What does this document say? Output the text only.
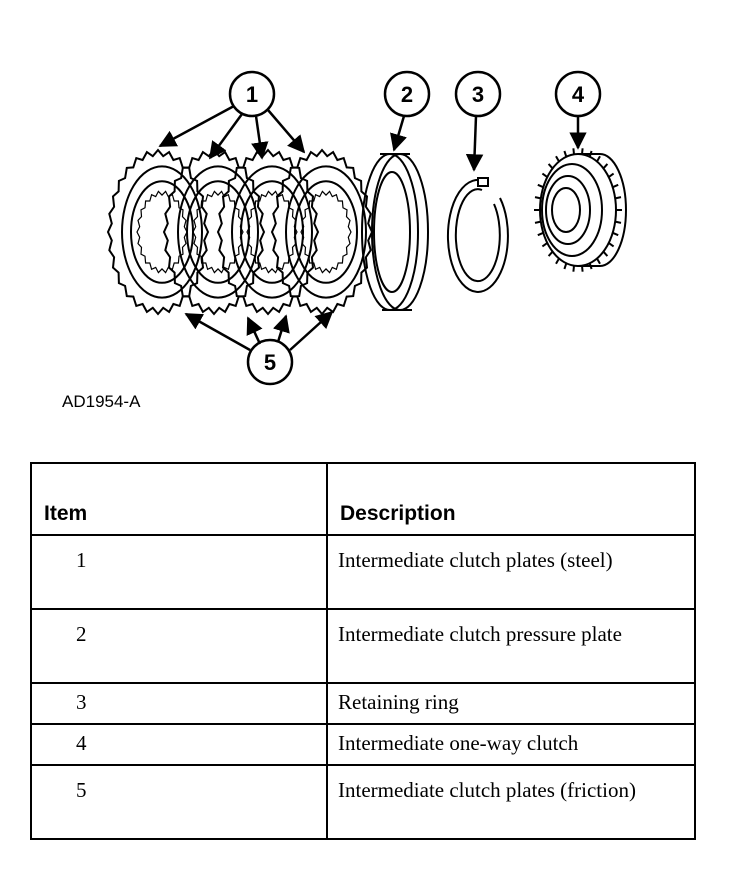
1	2	3	4
5
AD1954-A
Item	Description

1	Intermediate clutch plates (steel)

2	Intermediate clutch pressure plate

3	Retaining ring

4	Intermediate one-way clutch

5	Intermediate clutch plates (friction)
